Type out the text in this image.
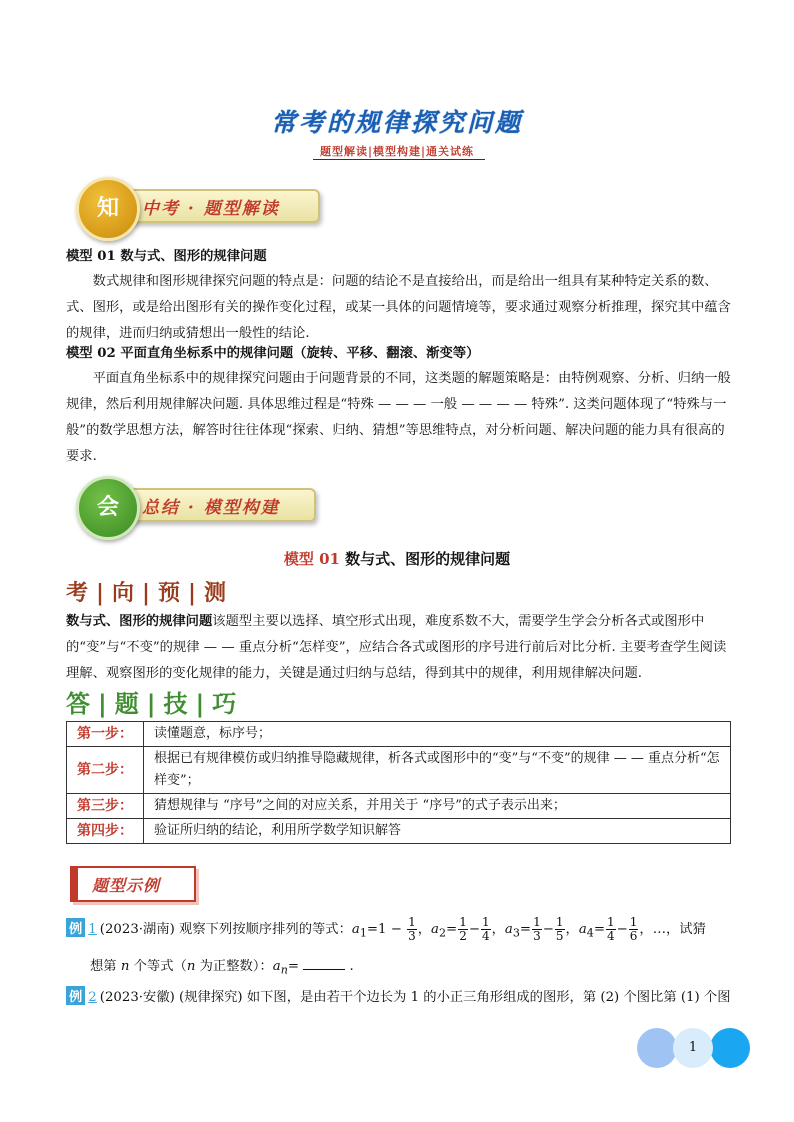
常考的规律探究问题
题型解读|模型构建|通关试练
中考 · 题型解读
知
模型 01 数与式、图形的规律问题
数式规律和图形规律探究问题的特点是：问题的结论不是直接给出，而是给出一组具有某种特定关系的数、式、图形，或是给出图形有关的操作变化过程，或某一具体的问题情境等，要求通过观察分析推理，探究其中蕴含的规律，进而归纳或猜想出一般性的结论.
模型 02 平面直角坐标系中的规律问题（旋转、平移、翻滚、渐变等）
平面直角坐标系中的规律探究问题由于问题背景的不同，这类题的解题策略是：由特例观察、分析、归纳一般规律，然后利用规律解决问题. 具体思维过程是“特殊 — — — 一般 — — — — 特殊”. 这类问题体现了“特殊与一般”的数学思想方法，解答时往往体现“探索、归纳、猜想”等思维特点，对分析问题、解决问题的能力具有很高的要求.
总结 · 模型构建
会
模型 01 数与式、图形的规律问题
考|向|预|测
数与式、图形的规律问题该题型主要以选择、填空形式出现，难度系数不大，需要学生学会分析各式或图形中的“变”与“不变”的规律 — — 重点分析“怎样变”，应结合各式或图形的序号进行前后对比分析. 主要考查学生阅读理解、观察图形的变化规律的能力，关键是通过归纳与总结，得到其中的规律，利用规律解决问题.
答|题|技|巧
第一步：	读懂题意，标序号；
第二步：	根据已有规律模仿或归纳推导隐藏规律，析各式或图形中的“变”与“不变”的规律 — — 重点分析“怎样变”；
第三步：	猜想规律与 “序号”之间的对应关系，并用关于 “序号”的式子表示出来；
第四步：	验证所归纳的结论，利用所学数学知识解答
题型示例
例 1 (2023·湖南) 观察下列按顺序排列的等式：$a_1=1 - \frac{1}{3}$ ，$a_2= \frac{1}{2} - \frac{1}{4}$ ，$a_3= \frac{1}{3} - \frac{1}{5}$ ，$a_4= \frac{1}{4} - \frac{1}{6}$ ，…，试猜
想第 n 个等式（n 为正整数）：$a_n=$	.
例 2 (2023·安徽) (规律探究) 如下图，是由若干个边长为 1 的小正三角形组成的图形，第 (2) 个图比第 (1) 个图
1
